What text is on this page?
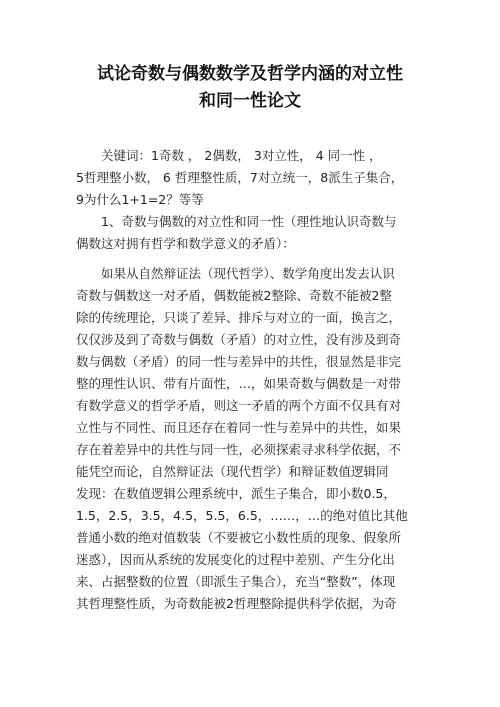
试论奇数与偶数数学及哲学内涵的对立性
和同一性论文

　　关键词：1奇数 ， 2偶数， 3对立性， 4 同一性 ，

5哲理整小数， 6 哲理整性质，7对立统一，8派生子集合，

9为什么1+1=2？等等

　　1、奇数与偶数的对立性和同一性（理性地认识奇数与

偶数这对拥有哲学和数学意义的矛盾）：

　　如果从自然辩证法（现代哲学）、数学角度出发去认识

奇数与偶数这一对矛盾，偶数能被2整除、奇数不能被2整

除的传统理论，只谈了差异、排斥与对立的一面，换言之，

仅仅涉及到了奇数与偶数（矛盾）的对立性，没有涉及到奇

数与偶数（矛盾）的同一性与差异中的共性，很显然是非完

整的理性认识、带有片面性，…，如果奇数与偶数是一对带

有数学意义的哲学矛盾，则这一矛盾的两个方面不仅具有对

立性与不同性、而且还存在着同一性与差异中的共性，如果

存在着差异中的共性与同一性，必须探索寻求科学依据，不

能凭空而论，自然辩证法（现代哲学）和辩证数值逻辑同

发现：在数值逻辑公理系统中，派生子集合，即小数0.5，

1.5，2.5，3.5，4.5，5.5，6.5，……，…的绝对值比其他

普通小数的绝对值数装（不要被它小数性质的现象、假象所

迷惑），因而从系统的发展变化的过程中差别、产生分化出

来、占据整数的位置（即派生子集合），充当“整数”，体现

其哲理整性质，为奇数能被2哲理整除提供科学依据，为奇
